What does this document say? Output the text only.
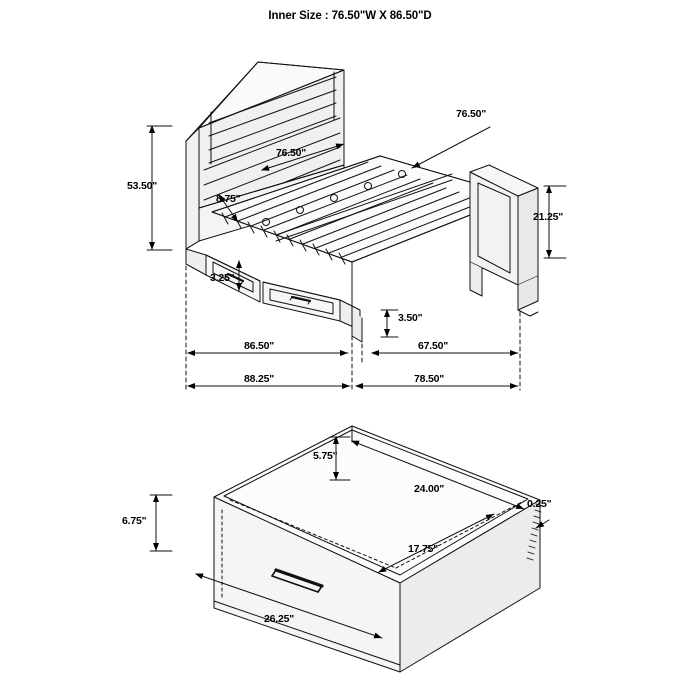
Inner Size : 76.50"W X 86.50"D
53.50"
76.50"
76.50"
8.75"
3.25"
21.25"
3.50"
86.50"	67.50"
88.25"	78.50"
5.75"
24.00"
0.25"
17.75"
6.75"
26.25"
